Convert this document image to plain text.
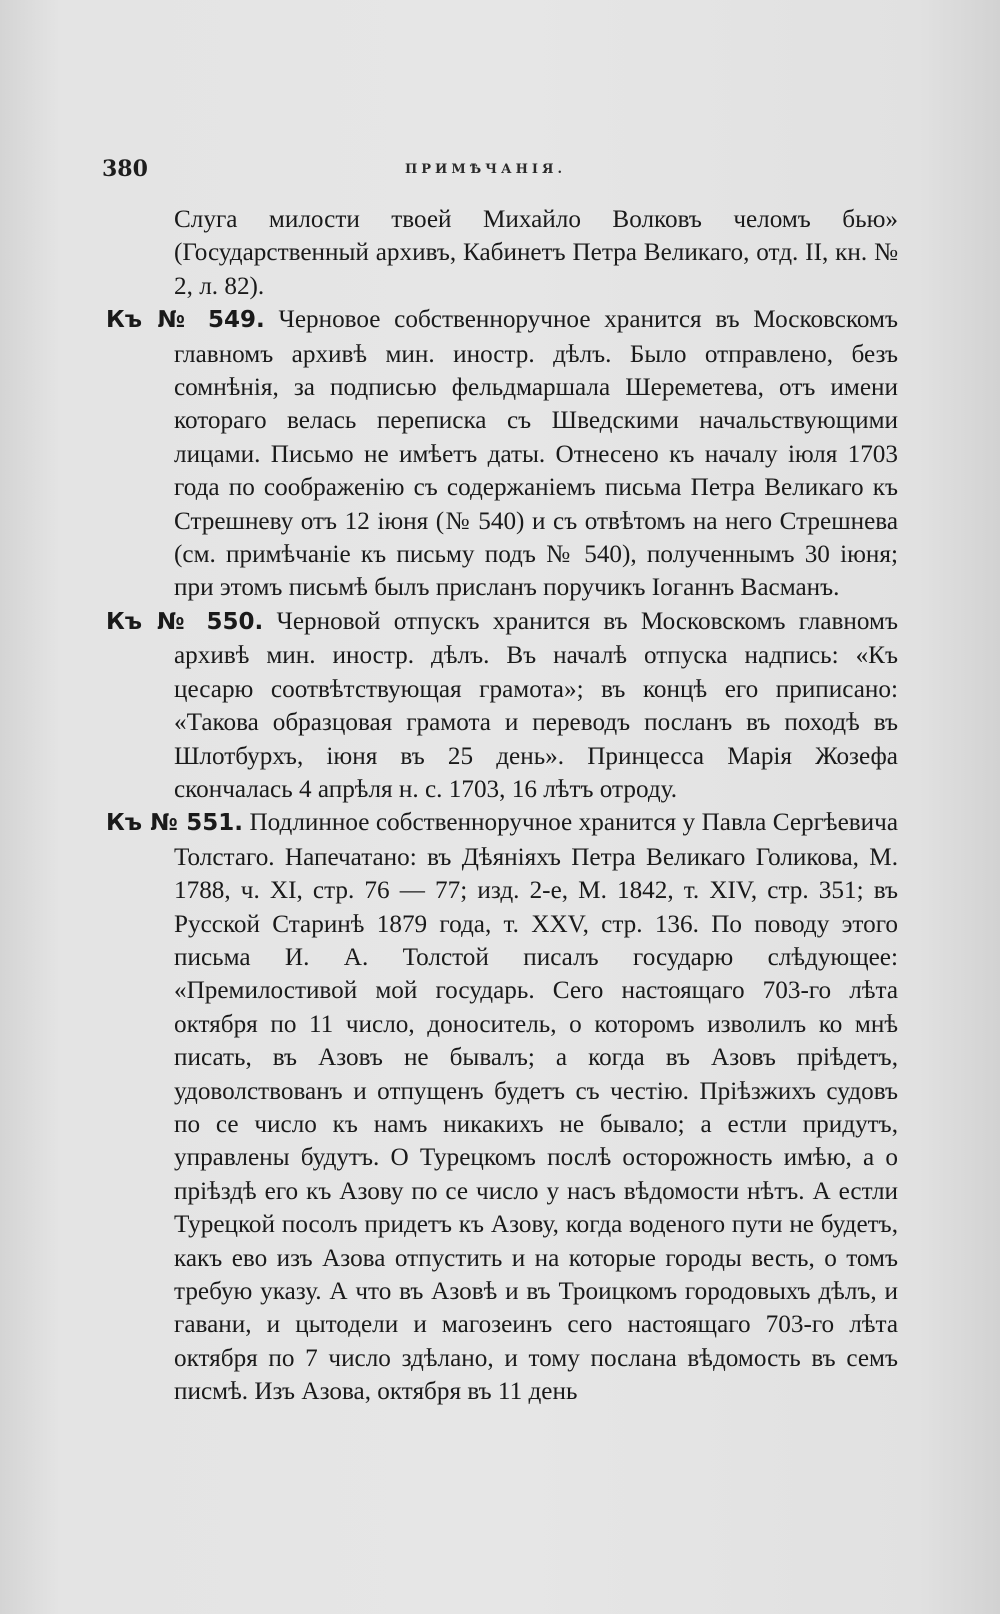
380	ПРИМѢЧАНІЯ.

Слуга милости твоей Михайло Волковъ челомъ бью» (Государственный архивъ, Кабинетъ Петра Великаго, отд. II, кн. № 2, л. 82).

Къ № 549. Черновое собственноручное хранится въ Московскомъ главномъ архивѣ мин. иностр. дѣлъ. Было отправлено, безъ сомнѣнія, за подписью фельдмаршала Шереметева, отъ имени котораго велась переписка съ Шведскими начальствующими лицами. Письмо не имѣетъ даты. Отнесено къ началу іюля 1703 года по соображенію съ содержаніемъ письма Петра Великаго къ Стрешневу отъ 12 іюня (№ 540) и съ отвѣтомъ на него Стрешнева (см. примѣчаніе къ письму подъ № 540), полученнымъ 30 іюня; при этомъ письмѣ былъ присланъ поручикъ Іоганнъ Васманъ.

Къ № 550. Черновой отпускъ хранится въ Московскомъ главномъ архивѣ мин. иностр. дѣлъ. Въ началѣ отпуска надпись: «Къ цесарю соотвѣтствующая грамота»; въ концѣ его приписано: «Такова образцовая грамота и переводъ посланъ въ походѣ въ Шлотбурхъ, іюня въ 25 день». Принцесса Марія Жозефа скончалась 4 апрѣля н. с. 1703, 16 лѣтъ отроду.

Къ № 551. Подлинное собственноручное хранится у Павла Сергѣевича Толстаго. Напечатано: въ Дѣяніяхъ Петра Великаго Голикова, М. 1788, ч. XI, стр. 76 — 77; изд. 2-е, М. 1842, т. XIV, стр. 351; въ Русской Старинѣ 1879 года, т. XXV, стр. 136. По поводу этого письма И. А. Толстой писалъ государю слѣдующее: «Премилостивой мой государь. Сего настоящаго 703-го лѣта октября по 11 число, доноситель, о которомъ изволилъ ко мнѣ писать, въ Азовъ не бывалъ; а когда въ Азовъ пріѣдетъ, удоволствованъ и отпущенъ будетъ съ честію. Пріѣзжихъ судовъ по се число къ намъ никакихъ не бывало; а естли придутъ, управлены будутъ. О Турецкомъ послѣ осторожность имѣю, а о пріѣздѣ его къ Азову по се число у насъ вѣдомости нѣтъ. А естли Турецкой посолъ придетъ къ Азову, когда воденого пути не будетъ, какъ ево изъ Азова отпустить и на которые городы весть, о томъ требую указу. А что въ Азовѣ и въ Троицкомъ городовыхъ дѣлъ, и гавани, и цытодели и магозеинъ сего настоящаго 703-го лѣта октября по 7 число здѣлано, и тому послана вѣдомость въ семъ писмѣ. Изъ Азова, октября въ 11 день
